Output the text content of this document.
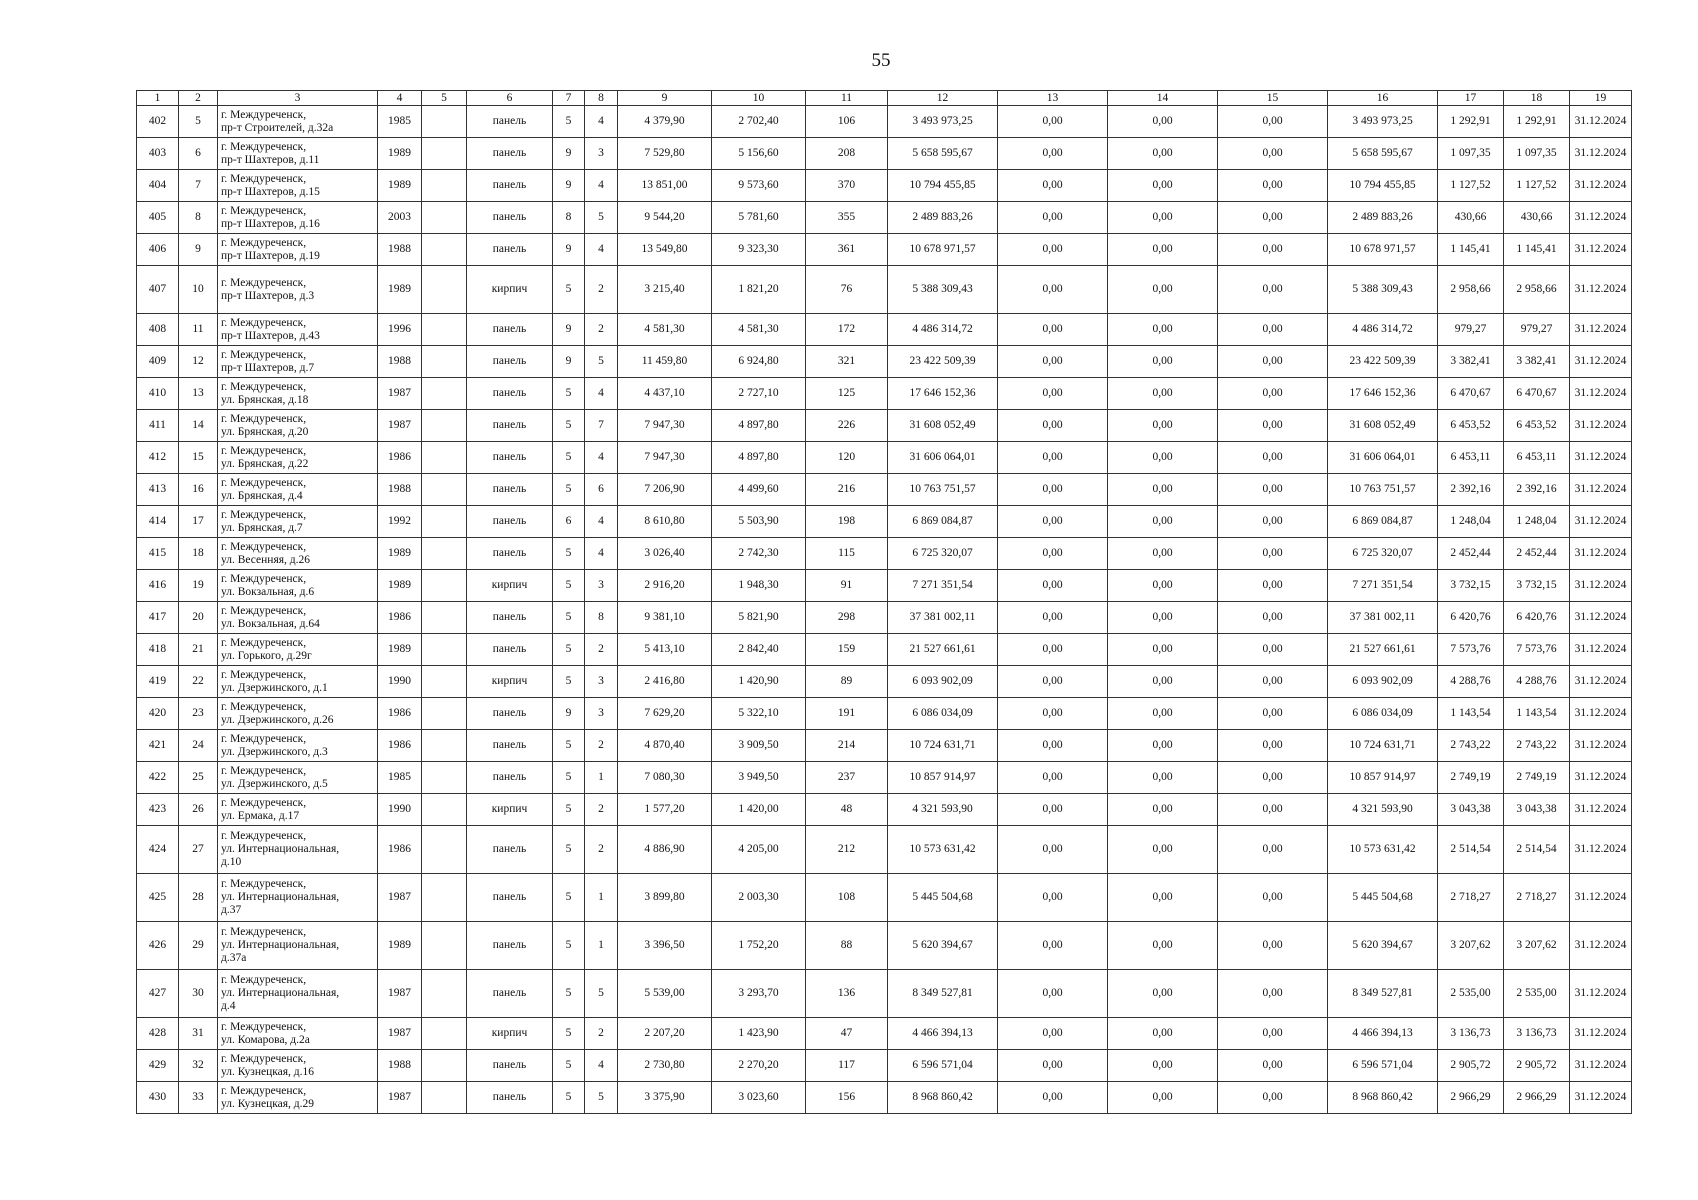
55
1	2	3	4	5	6	7	8	9	10	11	12	13	14	15	16	17	18	19
402	5	г. Междуреченск,
пр-т Строителей, д.32а	1985		панель	5	4	4 379,90	2 702,40	106	3 493 973,25	0,00	0,00	0,00	3 493 973,25	1 292,91	1 292,91	31.12.2024
403	6	г. Междуреченск,
пр-т Шахтеров, д.11	1989		панель	9	3	7 529,80	5 156,60	208	5 658 595,67	0,00	0,00	0,00	5 658 595,67	1 097,35	1 097,35	31.12.2024
404	7	г. Междуреченск,
пр-т Шахтеров, д.15	1989		панель	9	4	13 851,00	9 573,60	370	10 794 455,85	0,00	0,00	0,00	10 794 455,85	1 127,52	1 127,52	31.12.2024
405	8	г. Междуреченск,
пр-т Шахтеров, д.16	2003		панель	8	5	9 544,20	5 781,60	355	2 489 883,26	0,00	0,00	0,00	2 489 883,26	430,66	430,66	31.12.2024
406	9	г. Междуреченск,
пр-т Шахтеров, д.19	1988		панель	9	4	13 549,80	9 323,30	361	10 678 971,57	0,00	0,00	0,00	10 678 971,57	1 145,41	1 145,41	31.12.2024
407	10	г. Междуреченск,
пр-т Шахтеров, д.3	1989		кирпич	5	2	3 215,40	1 821,20	76	5 388 309,43	0,00	0,00	0,00	5 388 309,43	2 958,66	2 958,66	31.12.2024
408	11	г. Междуреченск,
пр-т Шахтеров, д.43	1996		панель	9	2	4 581,30	4 581,30	172	4 486 314,72	0,00	0,00	0,00	4 486 314,72	979,27	979,27	31.12.2024
409	12	г. Междуреченск,
пр-т Шахтеров, д.7	1988		панель	9	5	11 459,80	6 924,80	321	23 422 509,39	0,00	0,00	0,00	23 422 509,39	3 382,41	3 382,41	31.12.2024
410	13	г. Междуреченск,
ул. Брянская, д.18	1987		панель	5	4	4 437,10	2 727,10	125	17 646 152,36	0,00	0,00	0,00	17 646 152,36	6 470,67	6 470,67	31.12.2024
411	14	г. Междуреченск,
ул. Брянская, д.20	1987		панель	5	7	7 947,30	4 897,80	226	31 608 052,49	0,00	0,00	0,00	31 608 052,49	6 453,52	6 453,52	31.12.2024
412	15	г. Междуреченск,
ул. Брянская, д.22	1986		панель	5	4	7 947,30	4 897,80	120	31 606 064,01	0,00	0,00	0,00	31 606 064,01	6 453,11	6 453,11	31.12.2024
413	16	г. Междуреченск,
ул. Брянская, д.4	1988		панель	5	6	7 206,90	4 499,60	216	10 763 751,57	0,00	0,00	0,00	10 763 751,57	2 392,16	2 392,16	31.12.2024
414	17	г. Междуреченск,
ул. Брянская, д.7	1992		панель	6	4	8 610,80	5 503,90	198	6 869 084,87	0,00	0,00	0,00	6 869 084,87	1 248,04	1 248,04	31.12.2024
415	18	г. Междуреченск,
ул. Весенняя, д.26	1989		панель	5	4	3 026,40	2 742,30	115	6 725 320,07	0,00	0,00	0,00	6 725 320,07	2 452,44	2 452,44	31.12.2024
416	19	г. Междуреченск,
ул. Вокзальная, д.6	1989		кирпич	5	3	2 916,20	1 948,30	91	7 271 351,54	0,00	0,00	0,00	7 271 351,54	3 732,15	3 732,15	31.12.2024
417	20	г. Междуреченск,
ул. Вокзальная, д.64	1986		панель	5	8	9 381,10	5 821,90	298	37 381 002,11	0,00	0,00	0,00	37 381 002,11	6 420,76	6 420,76	31.12.2024
418	21	г. Междуреченск,
ул. Горького, д.29г	1989		панель	5	2	5 413,10	2 842,40	159	21 527 661,61	0,00	0,00	0,00	21 527 661,61	7 573,76	7 573,76	31.12.2024
419	22	г. Междуреченск,
ул. Дзержинского, д.1	1990		кирпич	5	3	2 416,80	1 420,90	89	6 093 902,09	0,00	0,00	0,00	6 093 902,09	4 288,76	4 288,76	31.12.2024
420	23	г. Междуреченск,
ул. Дзержинского, д.26	1986		панель	9	3	7 629,20	5 322,10	191	6 086 034,09	0,00	0,00	0,00	6 086 034,09	1 143,54	1 143,54	31.12.2024
421	24	г. Междуреченск,
ул. Дзержинского, д.3	1986		панель	5	2	4 870,40	3 909,50	214	10 724 631,71	0,00	0,00	0,00	10 724 631,71	2 743,22	2 743,22	31.12.2024
422	25	г. Междуреченск,
ул. Дзержинского, д.5	1985		панель	5	1	7 080,30	3 949,50	237	10 857 914,97	0,00	0,00	0,00	10 857 914,97	2 749,19	2 749,19	31.12.2024
423	26	г. Междуреченск,
ул. Ермака, д.17	1990		кирпич	5	2	1 577,20	1 420,00	48	4 321 593,90	0,00	0,00	0,00	4 321 593,90	3 043,38	3 043,38	31.12.2024
424	27	г. Междуреченск,
ул. Интернациональная,
д.10	1986		панель	5	2	4 886,90	4 205,00	212	10 573 631,42	0,00	0,00	0,00	10 573 631,42	2 514,54	2 514,54	31.12.2024
425	28	г. Междуреченск,
ул. Интернациональная,
д.37	1987		панель	5	1	3 899,80	2 003,30	108	5 445 504,68	0,00	0,00	0,00	5 445 504,68	2 718,27	2 718,27	31.12.2024
426	29	г. Междуреченск,
ул. Интернациональная,
д.37а	1989		панель	5	1	3 396,50	1 752,20	88	5 620 394,67	0,00	0,00	0,00	5 620 394,67	3 207,62	3 207,62	31.12.2024
427	30	г. Междуреченск,
ул. Интернациональная,
д.4	1987		панель	5	5	5 539,00	3 293,70	136	8 349 527,81	0,00	0,00	0,00	8 349 527,81	2 535,00	2 535,00	31.12.2024
428	31	г. Междуреченск,
ул. Комарова, д.2а	1987		кирпич	5	2	2 207,20	1 423,90	47	4 466 394,13	0,00	0,00	0,00	4 466 394,13	3 136,73	3 136,73	31.12.2024
429	32	г. Междуреченск,
ул. Кузнецкая, д.16	1988		панель	5	4	2 730,80	2 270,20	117	6 596 571,04	0,00	0,00	0,00	6 596 571,04	2 905,72	2 905,72	31.12.2024
430	33	г. Междуреченск,
ул. Кузнецкая, д.29	1987		панель	5	5	3 375,90	3 023,60	156	8 968 860,42	0,00	0,00	0,00	8 968 860,42	2 966,29	2 966,29	31.12.2024
